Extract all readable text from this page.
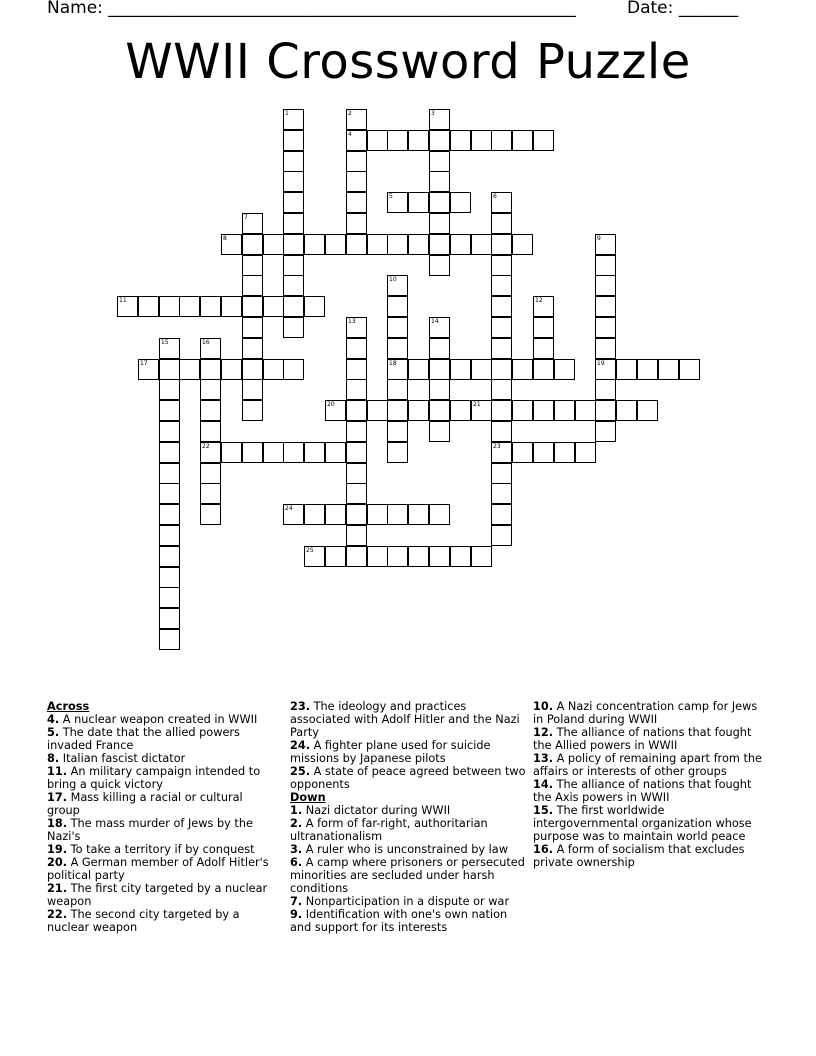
Name: _______________________________________________________	Date: _______
WWII Crossword Puzzle
1	2
4
3
5	6
23
7
8	9
19
10
18
11	12
13	14
15	16
22
17
20	21
24
25

Across

4. A nuclear weapon created in WWII

5. The date that the allied powers invaded France

8. Italian fascist dictator

11. An military campaign intended to bring a quick victory

17. Mass killing a racial or cultural group

18. The mass murder of Jews by the Nazi's

19. To take a territory if by conquest

20. A German member of Adolf Hitler's political party

21. The first city targeted by a nuclear weapon

22. The second city targeted by a nuclear weapon

23. The ideology and practices associated with Adolf Hitler and the Nazi Party

24. A fighter plane used for suicide missions by Japanese pilots

25. A state of peace agreed between two opponents

Down

1. Nazi dictator during WWII

2. A form of far-right, authoritarian ultranationalism

3. A ruler who is unconstrained by law

6. A camp where prisoners or persecuted minorities are secluded under harsh conditions

7. Nonparticipation in a dispute or war

9. Identification with one's own nation and support for its interests

10. A Nazi concentration camp for Jews in Poland during WWII

12. The alliance of nations that fought the Allied powers in WWII

13. A policy of remaining apart from the affairs or interests of other groups

14. The alliance of nations that fought the Axis powers in WWII

15. The first worldwide intergovernmental organization whose purpose was to maintain world peace

16. A form of socialism that excludes private ownership
